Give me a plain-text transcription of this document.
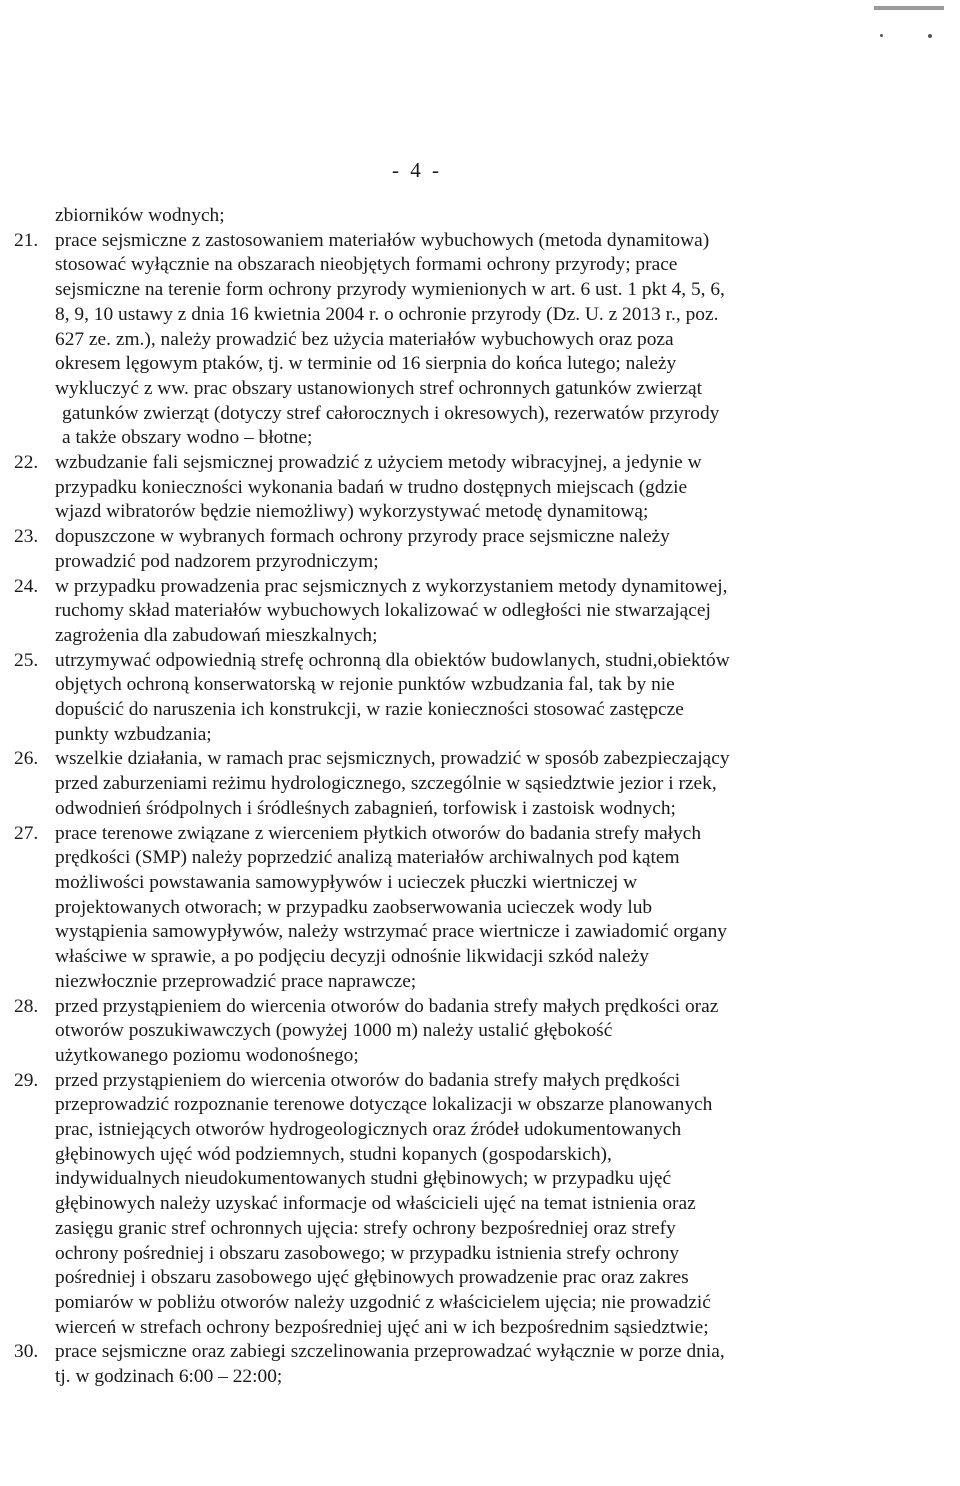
- 4 -
zbiorników wodnych;
21. prace sejsmiczne z zastosowaniem materiałów wybuchowych (metoda dynamitowa)
stosować wyłącznie na obszarach nieobjętych formami ochrony przyrody; prace
sejsmiczne na terenie form ochrony przyrody wymienionych w art. 6 ust. 1 pkt 4, 5, 6,
8, 9, 10 ustawy z dnia 16 kwietnia 2004 r. o ochronie przyrody (Dz. U. z 2013 r., poz.
627 ze. zm.), należy prowadzić bez użycia materiałów wybuchowych oraz poza
okresem lęgowym ptaków, tj. w terminie od 16 sierpnia do końca lutego; należy
wykluczyć z ww. prac obszary ustanowionych stref ochronnych gatunków zwierząt
gatunków zwierząt (dotyczy stref całorocznych i okresowych), rezerwatów przyrody
a także obszary wodno – błotne;
22. wzbudzanie fali sejsmicznej prowadzić z użyciem metody wibracyjnej, a jedynie w
przypadku konieczności wykonania badań w trudno dostępnych miejscach (gdzie
wjazd wibratorów będzie niemożliwy) wykorzystywać metodę dynamitową;
23. dopuszczone w wybranych formach ochrony przyrody prace sejsmiczne należy
prowadzić pod nadzorem przyrodniczym;
24. w przypadku prowadzenia prac sejsmicznych z wykorzystaniem metody dynamitowej,
ruchomy skład materiałów wybuchowych lokalizować w odległości nie stwarzającej
zagrożenia dla zabudowań mieszkalnych;
25. utrzymywać odpowiednią strefę ochronną dla obiektów budowlanych, studni,obiektów
objętych ochroną konserwatorską w rejonie punktów wzbudzania fal, tak by nie
dopuścić do naruszenia ich konstrukcji, w razie konieczności stosować zastępcze
punkty wzbudzania;
26. wszelkie działania, w ramach prac sejsmicznych, prowadzić w sposób zabezpieczający
przed zaburzeniami reżimu hydrologicznego, szczególnie w sąsiedztwie jezior i rzek,
odwodnień śródpolnych i śródleśnych zabagnień, torfowisk i zastoisk wodnych;
27. prace terenowe związane z wierceniem płytkich otworów do badania strefy małych
prędkości (SMP) należy poprzedzić analizą materiałów archiwalnych pod kątem
możliwości powstawania samowypływów i ucieczek płuczki wiertniczej w
projektowanych otworach; w przypadku zaobserwowania ucieczek wody lub
wystąpienia samowypływów, należy wstrzymać prace wiertnicze i zawiadomić organy
właściwe w sprawie, a po podjęciu decyzji odnośnie likwidacji szkód należy
niezwłocznie przeprowadzić prace naprawcze;
28. przed przystąpieniem do wiercenia otworów do badania strefy małych prędkości oraz
otworów poszukiwawczych (powyżej 1000 m) należy ustalić głębokość
użytkowanego poziomu wodonośnego;
29. przed przystąpieniem do wiercenia otworów do badania strefy małych prędkości
przeprowadzić rozpoznanie terenowe dotyczące lokalizacji w obszarze planowanych
prac, istniejących otworów hydrogeologicznych oraz źródeł udokumentowanych
głębinowych ujęć wód podziemnych, studni kopanych (gospodarskich),
indywidualnych nieudokumentowanych studni głębinowych; w przypadku ujęć
głębinowych należy uzyskać informacje od właścicieli ujęć na temat istnienia oraz
zasięgu granic stref ochronnych ujęcia: strefy ochrony bezpośredniej oraz strefy
ochrony pośredniej i obszaru zasobowego; w przypadku istnienia strefy ochrony
pośredniej i obszaru zasobowego ujęć głębinowych prowadzenie prac oraz zakres
pomiarów w pobliżu otworów należy uzgodnić z właścicielem ujęcia; nie prowadzić
wierceń w strefach ochrony bezpośredniej ujęć ani w ich bezpośrednim sąsiedztwie;
30. prace sejsmiczne oraz zabiegi szczelinowania przeprowadzać wyłącznie w porze dnia,
tj. w godzinach 6:00 – 22:00;
